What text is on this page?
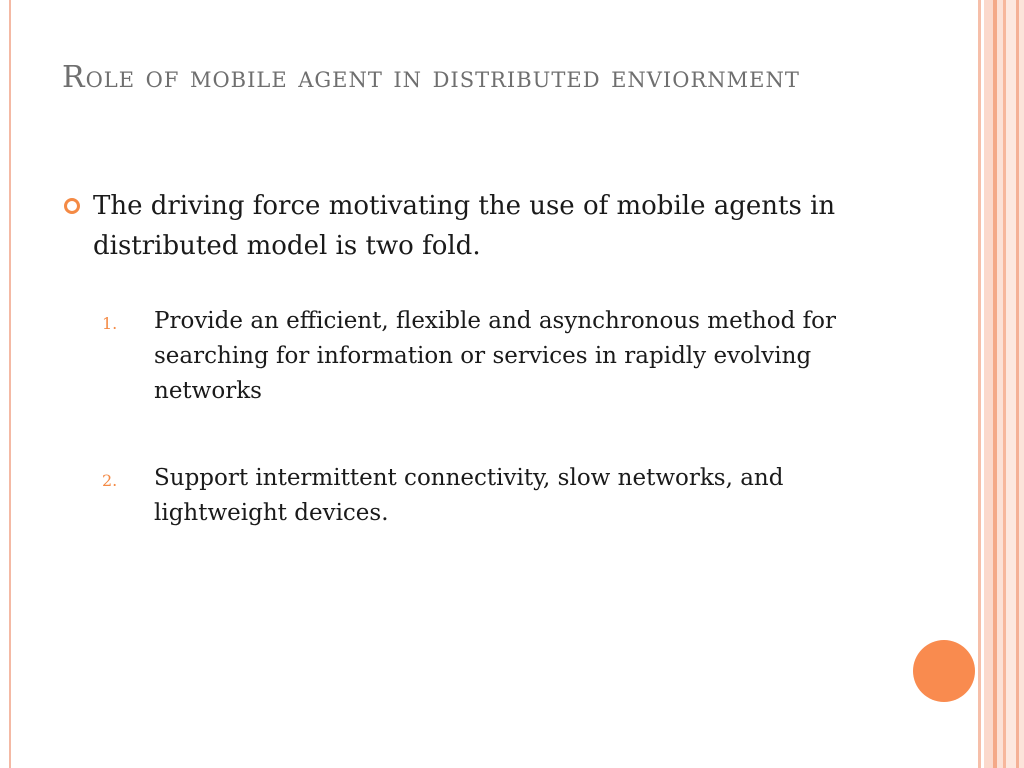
Role of mobile agent in distributed enviornment
The driving force motivating the use of mobile agents in distributed model is two fold.
1. Provide an efficient, flexible and asynchronous method for searching for information or services in rapidly evolving networks
2. Support intermittent connectivity, slow networks, and lightweight devices.
